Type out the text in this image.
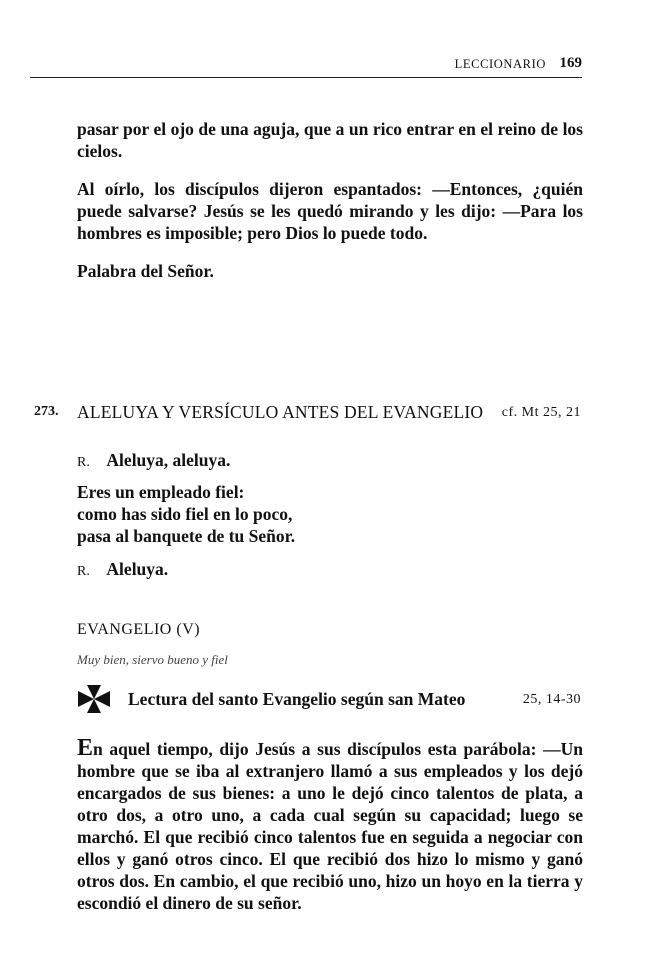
LECCIONARIO 169
pasar por el ojo de una aguja, que a un rico entrar en el reino de los cielos.
Al oírlo, los discípulos dijeron espantados: —Entonces, ¿quién puede salvarse? Jesús se les quedó mirando y les dijo: —Para los hombres es imposible; pero Dios lo puede todo.
Palabra del Señor.
273. ALELUYA Y VERSÍCULO ANTES DEL EVANGELIO cf. Mt 25, 21
R. Aleluya, aleluya.
Eres un empleado fiel:
como has sido fiel en lo poco,
pasa al banquete de tu Señor.
R. Aleluya.
EVANGELIO (V)
Muy bien, siervo bueno y fiel
Lectura del santo Evangelio según san Mateo	25, 14-30
En aquel tiempo, dijo Jesús a sus discípulos esta parábola: —Un hombre que se iba al extranjero llamó a sus empleados y los dejó encargados de sus bienes: a uno le dejó cinco talentos de plata, a otro dos, a otro uno, a cada cual según su capacidad; luego se marchó. El que recibió cinco talentos fue en seguida a negociar con ellos y ganó otros cinco. El que recibió dos hizo lo mismo y ganó otros dos. En cambio, el que recibió uno, hizo un hoyo en la tierra y escondió el dinero de su señor.
